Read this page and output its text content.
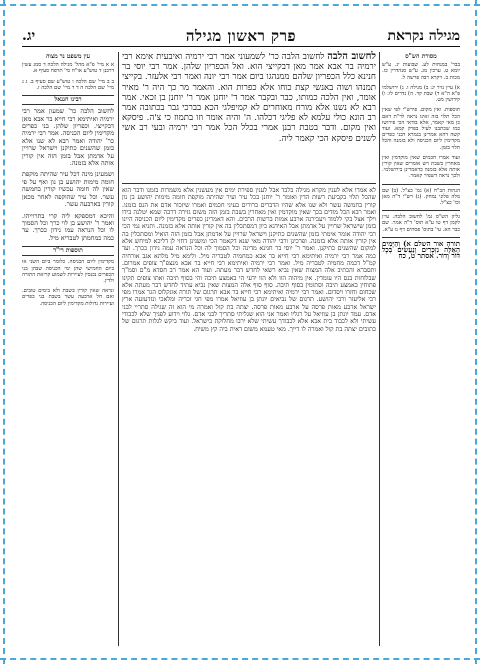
מגילה נקראת
פרק ראשון מגילה
יג.
מסורת הש"ס
בבר' במנחות לע. שבועות יג. ע"ש יומא ט. ערכין מג. ע"ש סנהדרין כז. מכות ב. ויקרא רבה פרשה ל.
א) עיין נזיר יג: ב) מגילה ו. ג) ירושלמי פ"א ה"א ד) שבת קד. ה) נדרים לז: ו) קידושין מט.
תוספות. ואין מקום. פירש"י לפי שאין הכל תלוי בזה ואינו נראה לר"ת דאם כן מאי קאמר, אלא בודאי הכי פירושו כמו שכתבנו לעיל בפרק קמא. ועוד קשה דהא אמרינן בגמרא דבני כפרים מקדימין ליום הכניסה ולא בזמנה והכל תלוי בזמן.
ועוד אמרו חכמים שאין מוקדמין ואין מאחרין בשבת ויש אומרים שאין קורין אותה אלא בזמנה כדאמרינן בירושלמי. ולכך נראה דשפיר קאמר.
הגהות הב"ח (א) גמ' כצ"ל. (ב) שם מלה פלוני נמחק. (ג) רש"י ד"ה מאן וכו' כצ"ל.
גליון הש"ס גמ' לחשוב הלבה. עיין לקמן דף טו ע"א תוס' ד"ה אמר. שם כבר הא. עי' בתוס' פסחים דף נו ע"א.
תורה אור השלם א) וְהַיָּמִים הָאֵלֶּה נִזְכָּרִים וְנַעֲשִׂים בְּכָל דּוֹר וָדוֹר. אסתר ט, כח
לחשוב הלבה לחשוב הלבה כר' לשמעוני אמר רבי ירמיה ואיבעית אימא רבי ירמיה בר אבא אמר מאן דבקייצי הוא. ואל הכפריון שלהן. אמר רבי יוסי בר חנינא כלל הכפריון שלהם ממנהגו ביום אמר רבי יונה ואמר רבי אלעזר. בקייצי תמנהו ושוה באנשי קצת כוחו אלא כפרות הוא. והאמר מר כך היה ר' מאיר אומר, ואין הלכה כמותו, כבר ובקבר אמר ד' יוחנן אמר ר' יוחנן בן זכאי. אמר רבא לא נשנו אלא מורח מאוחרים לא קמיפלגי הכא בברכי גבר בכתובה אמר רב הונא כולי עלמא לא פליגי דכלהו. ה' והיה אומר וזו בתמוז כי צ'ה. פיסקא ואין מקום. ודבר בטבת רבנן אמרי בכלל הכל אמר רבי ירמיה ובעי רב אשי לשנים פיסקא הכי קאמר ליה.
לא אמרו אלא לענין מקרא מגילה בלבד אבל לענין ספירת ימים אין מעשנין אלא משמרות בזמנו ודבר הוא שהכל תלוי בקביעת רשות הדין ואומר ר' יוחנן בכל עיר ועיר שהיתה מוקפת חומה מימות יהושע בן נון קורין בחמשה עשר ולא שנו אלא שהיו הדברים ברורים בעיני חכמים ואמרו שיזכור אדם את הנס בזמנו. ואמר רבא הכל מודים בכך שאין מוקדמין ואין מאחרין בשבת בזמן הזה משום גזירה דרבה שמא יטלנה בידו וילך אצל בקי ללמוד ויעבירנה ארבע אמות ברשות הרבים. והא דאמרינן כפרים מקדימין ליום הכניסה היינו בזמן שישראל שרויין על אדמתן אבל האידנא כיון דמסתכלין בה אין קורין אותה אלא בזמנה. ותניא נמי הכי רבי יהודה אומר אימתי בזמן שהשנים כתיקנן וישראל שרויין על אדמתן אבל בזמן הזה הואיל ומסתכלין בה אין קורין אותה אלא בזמנה. ופרכינן ורבי יהודה מאי שנא דקאמר הכי ומשנינן דחזי לן דליכא למיחש אלא למקום שהשנים כתיקנן. ואמר ר' יוסי בר חנינא מדינה וכל הסמוך לה וכל הנראה עמה נידון ככרך. ועד כמה אמר רבי ירמיה ואיתימא רבי חייא בר אבא כמחמיה לטבריה מיל. ולימא מיל מלתא אגב אורחיה קמ"ל דכמה מחמיה לטבריה מיל. ואמר רבי ירמיה ואיתימא רבי חייא בר אבא מנצפ"ך צופים אמרום. ותסברא והכתיב אלה המצות שאין נביא רשאי לחדש דבר מעתה. ועוד הא אמר רב חסדא מ"ם וסמ"ך שבלוחות בנס היו עומדין. אין מיהוה הוו ולא הוו ידעי הי באמצע תיבה והי בסוף תיבה ואתו צופים תקינו פתוחין באמצע תיבה וסתומין בסוף תיבה. סוף סוף אלה המצות שאין נביא עתיד לחדש דבר מעתה אלא שכחום וחזרו ויסדום. ואמר רבי ירמיה ואיתימא רבי חייא בר אבא תרגום של תורה אונקלוס הגר אמרו מפי רבי אליעזר ורבי יהושע. תרגום של נביאים יונתן בן עוזיאל אמרו מפי חגי זכריה ומלאכי ונזדעזעה ארץ ישראל ארבע מאות פרסה על ארבע מאות פרסה. יצתה בת קול ואמרה מי הוא זה שגילה סתריי לבני אדם. עמד יונתן בן עוזיאל על רגליו ואמר אני הוא שגליתי סתריך לבני אדם. גלוי וידוע לפניך שלא לכבודי עשיתי ולא לכבוד בית אבא אלא לכבודך עשיתי שלא ירבו מחלוקת בישראל. ועוד ביקש לגלות תרגום של כתובים יצתה בת קול ואמרה לו דייך. מאי טעמא משום דאית ביה קץ משיח.
עין משפט נר מצוה
א א מיי' פ"א מהל' מגילה הלכה ד סמג עשין דרבנן ד טוש"ע או"ח סי' תרפח סעיף א.
ב ב מיי' שם הלכה ו טוש"ע שם סעיף ב. ג ג מיי' שם הלכה ה ד ד מיי' שם הלכה ז.
רבינו חננאל
לחשוב הלבה כר' שמעון אמר רבי ירמיה ואיתימא רבי חייא בר אבא מאן דבקייצי. וכפריון שלהן. בני כפרים מקדימין ליום הכניסה. אמר רבי ירמיה כר' יהודה ואמר רבא לא שנו אלא בזמן שהשנים כתיקנן וישראל שרויין על אדמתן אבל בזמן הזה אין קורין אותה אלא בזמנה.
ושמעינן מינה דכל עיר שהיתה מוקפת חומה מימות יהושע בן נון ואף על פי שאין לה חומה עכשיו קורין בחמשה עשר. וכל עיר שהוקפה לאחר מכאן קורין בארבעה עשר.
והיכא דמספקא ליה קרי בתרוייהו. ואמר ר' יהושע בן לוי כרך וכל הסמוך לו וכל הנראה עמו נידון ככרך. עד כמה כמחמתן לטבריא מיל.
תוספות רי"ד
מקדימין ליום הכניסה. כלומר ביום השני או ביום החמישי שהן ימי הכניסה שבהן בני הכפרים נכנסין לעיירות לשמוע קריאת התורה ולדין.
ונראה שאין קורין בשבת ולא בימים טובים. ואם חל ארבעה עשר בשבת בני כפרים ועיירות גדולות מקדימין ליום הכניסה.
